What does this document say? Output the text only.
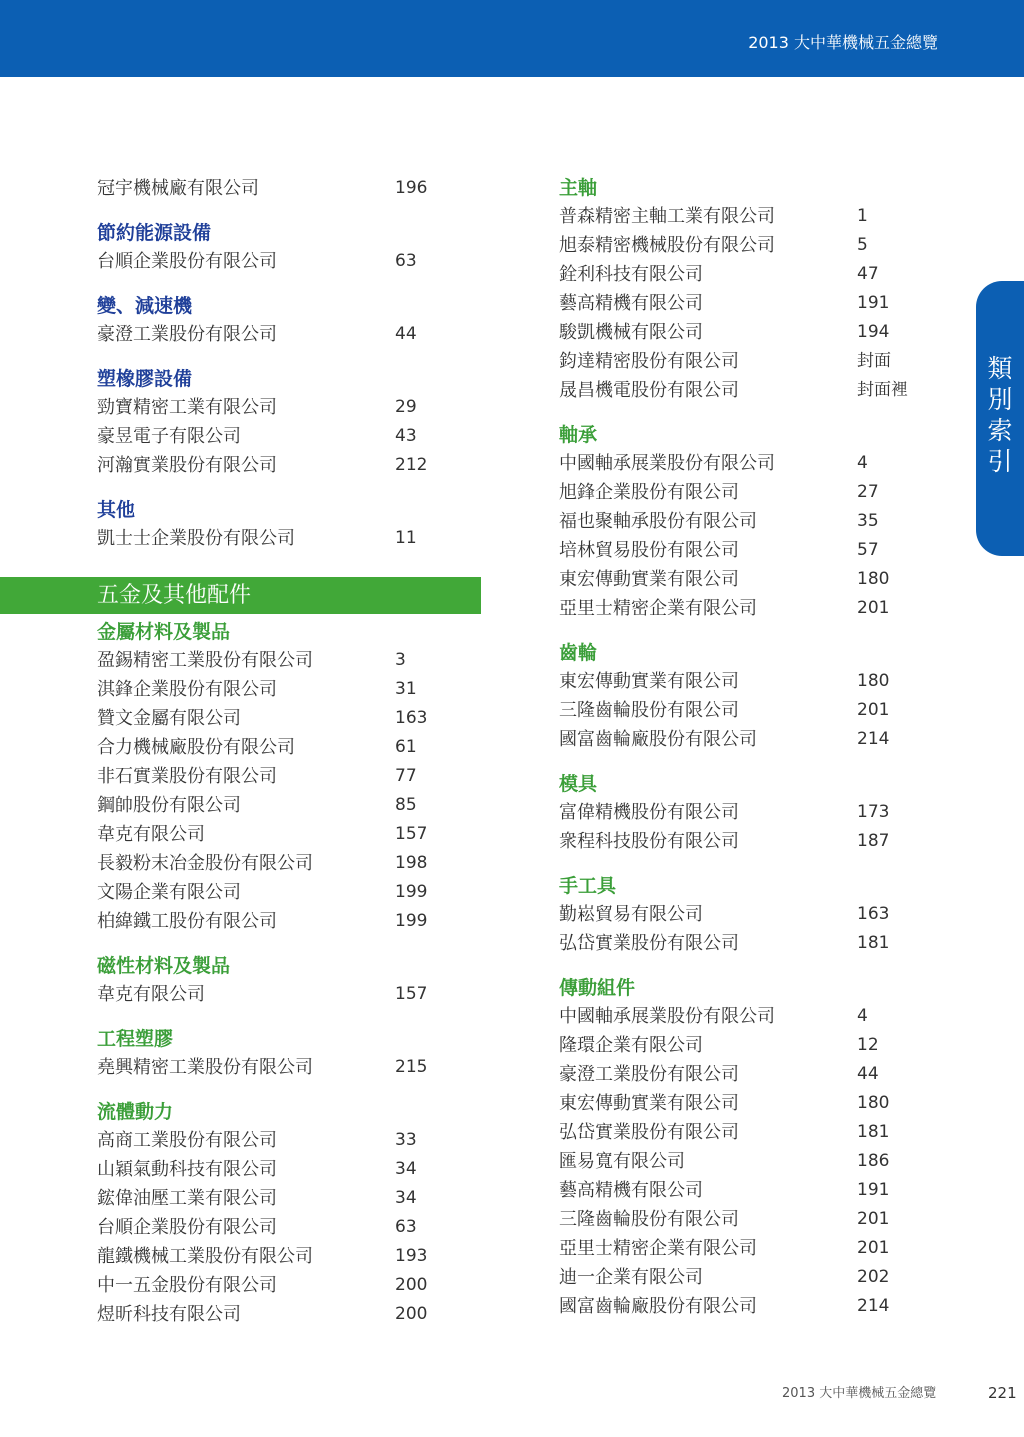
2013 大中華機械五金總覽
類別索引
冠宇機械廠有限公司	196
節約能源設備
台順企業股份有限公司	63
變、減速機
豪澄工業股份有限公司	44
塑橡膠設備
勁寶精密工業有限公司	29
豪昱電子有限公司	43
河瀚實業股份有限公司	212
其他
凱士士企業股份有限公司	11
五金及其他配件
金屬材料及製品
盈錫精密工業股份有限公司	3
淇鋒企業股份有限公司	31
贊文金屬有限公司	163
合力機械廠股份有限公司	61
非石實業股份有限公司	77
鋼帥股份有限公司	85
韋克有限公司	157
長毅粉末冶金股份有限公司	198
文陽企業有限公司	199
柏緯鐵工股份有限公司	199
磁性材料及製品
韋克有限公司	157
工程塑膠
堯興精密工業股份有限公司	215
流體動力
高商工業股份有限公司	33
山穎氣動科技有限公司	34
鋐偉油壓工業有限公司	34
台順企業股份有限公司	63
龍鐵機械工業股份有限公司	193
中一五金股份有限公司	200
煜昕科技有限公司	200
主軸
普森精密主軸工業有限公司	1
旭泰精密機械股份有限公司	5
銓利科技有限公司	47
藝高精機有限公司	191
駿凱機械有限公司	194
鈞達精密股份有限公司	封面
晟昌機電股份有限公司	封面裡
軸承
中國軸承展業股份有限公司	4
旭鋒企業股份有限公司	27
福也聚軸承股份有限公司	35
培林貿易股份有限公司	57
東宏傳動實業有限公司	180
亞里士精密企業有限公司	201
齒輪
東宏傳動實業有限公司	180
三隆齒輪股份有限公司	201
國富齒輪廠股份有限公司	214
模具
富偉精機股份有限公司	173
衆程科技股份有限公司	187
手工具
勤崧貿易有限公司	163
弘岱實業股份有限公司	181
傳動組件
中國軸承展業股份有限公司	4
隆環企業有限公司	12
豪澄工業股份有限公司	44
東宏傳動實業有限公司	180
弘岱實業股份有限公司	181
匯易寬有限公司	186
藝高精機有限公司	191
三隆齒輪股份有限公司	201
亞里士精密企業有限公司	201
迪一企業有限公司	202
國富齒輪廠股份有限公司	214
2013 大中華機械五金總覽	221
